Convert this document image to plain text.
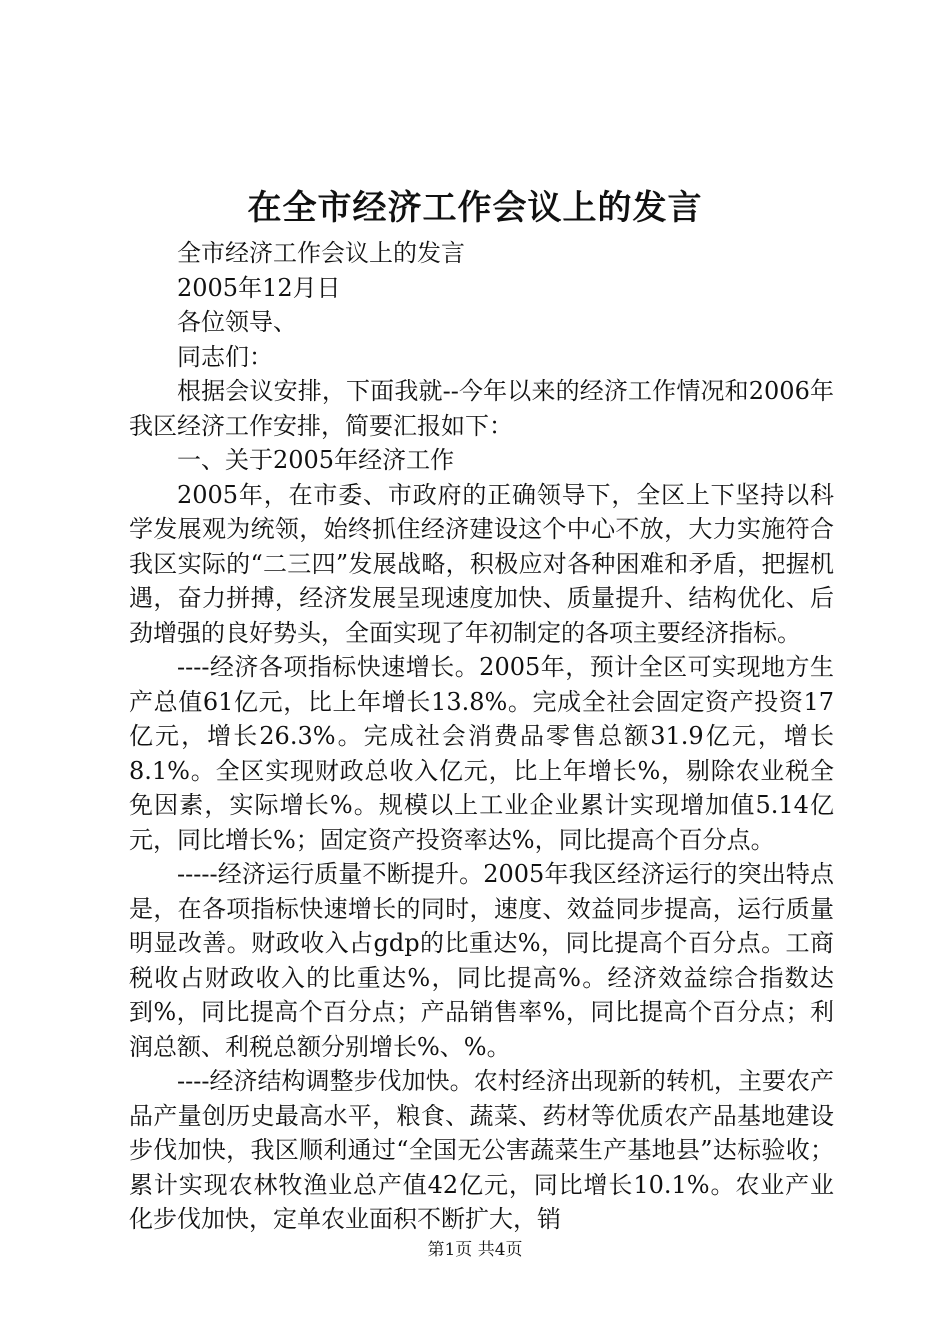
在全市经济工作会议上的发言

全市经济工作会议上的发言

2005年12月日

各位领导、

同志们：

根据会议安排，下面我就--今年以来的经济工作情况和2006年我区经济工作安排，简要汇报如下：

一、关于2005年经济工作

2005年，在市委、市政府的正确领导下，全区上下坚持以科学发展观为统领，始终抓住经济建设这个中心不放，大力实施符合我区实际的“二三四”发展战略，积极应对各种困难和矛盾，把握机遇，奋力拼搏，经济发展呈现速度加快、质量提升、结构优化、后劲增强的良好势头，全面实现了年初制定的各项主要经济指标。

----经济各项指标快速增长。2005年，预计全区可实现地方生产总值61亿元，比上年增长13.8%。完成全社会固定资产投资17亿元，增长26.3%。完成社会消费品零售总额31.9亿元，增长8.1%。全区实现财政总收入亿元，比上年增长%，剔除农业税全免因素，实际增长%。规模以上工业企业累计实现增加值5.14亿元，同比增长%；固定资产投资率达%，同比提高个百分点。

-----经济运行质量不断提升。2005年我区经济运行的突出特点是，在各项指标快速增长的同时，速度、效益同步提高，运行质量明显改善。财政收入占gdp的比重达%，同比提高个百分点。工商税收占财政收入的比重达%，同比提高%。经济效益综合指数达到%，同比提高个百分点；产品销售率%，同比提高个百分点；利润总额、利税总额分别增长%、%。

----经济结构调整步伐加快。农村经济出现新的转机，主要农产品产量创历史最高水平，粮食、蔬菜、药材等优质农产品基地建设步伐加快，我区顺利通过“全国无公害蔬菜生产基地县”达标验收；累计实现农林牧渔业总产值42亿元，同比增长10.1%。农业产业化步伐加快，定单农业面积不断扩大，销

第1页 共4页
